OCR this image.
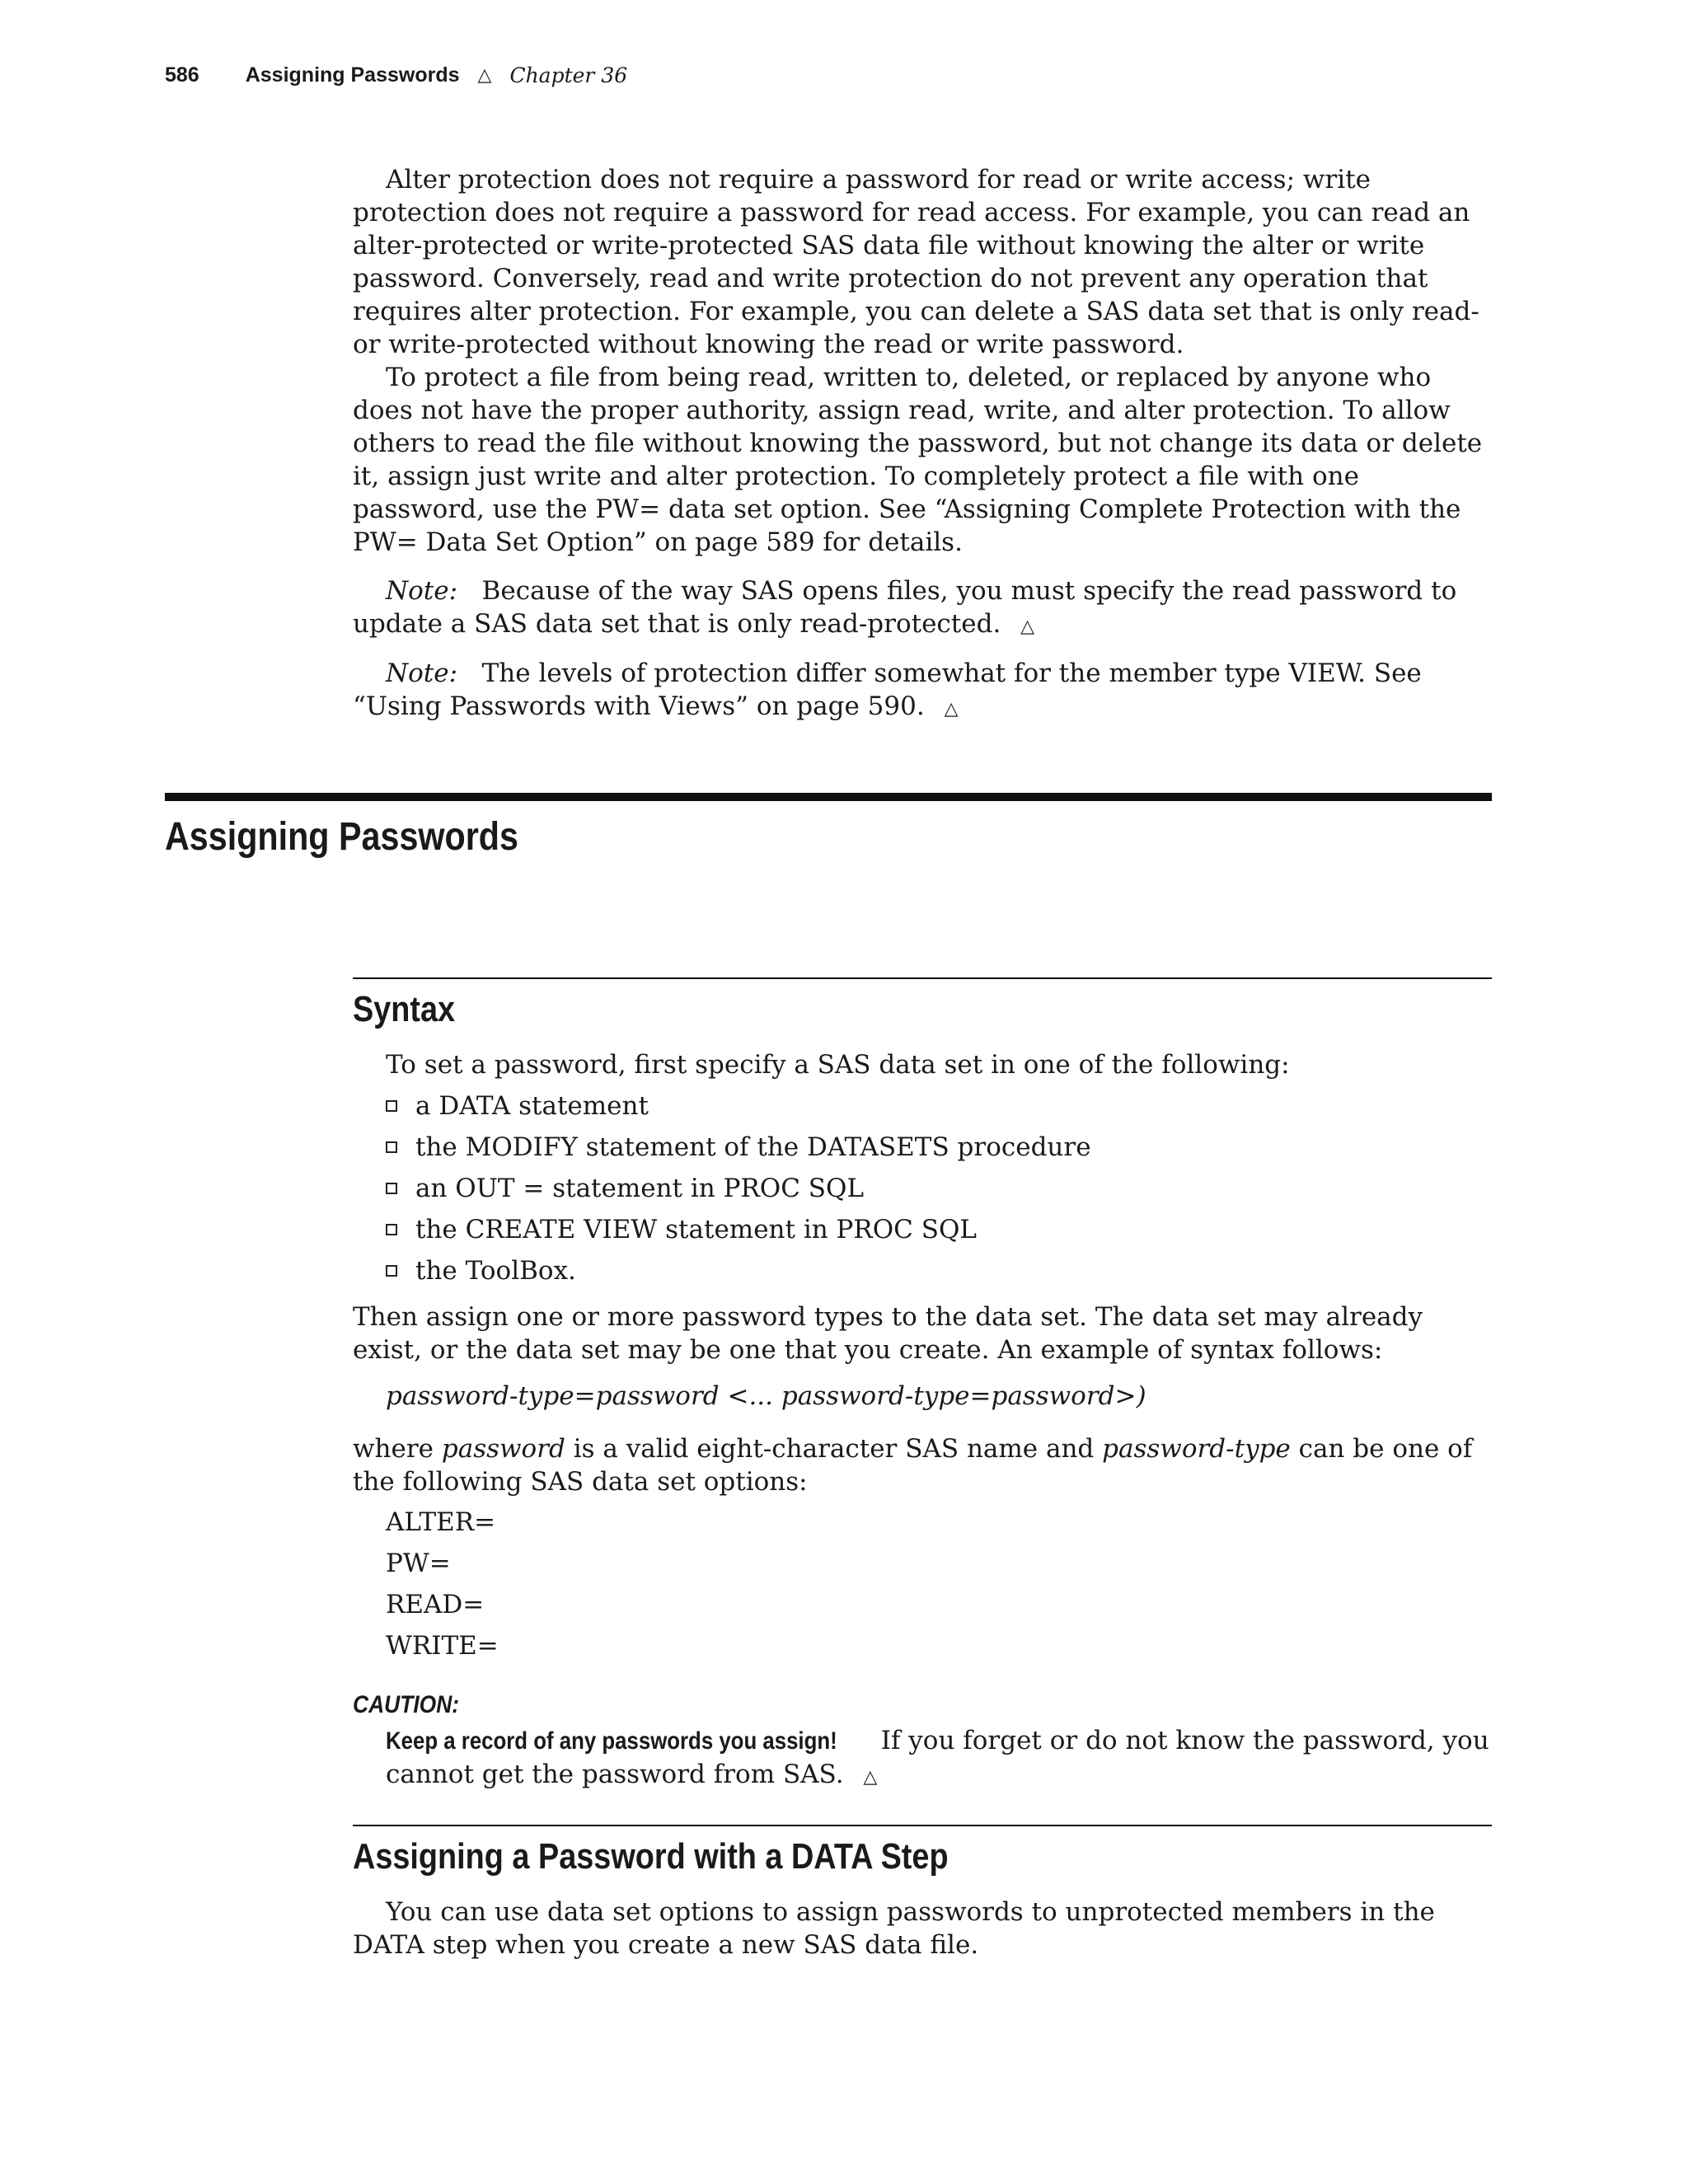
586 Assigning Passwords △ Chapter 36

Alter protection does not require a password for read or write access; write protection does not require a password for read access. For example, you can read an alter-protected or write-protected SAS data file without knowing the alter or write password. Conversely, read and write protection do not prevent any operation that requires alter protection. For example, you can delete a SAS data set that is only read- or write-protected without knowing the read or write password.

To protect a file from being read, written to, deleted, or replaced by anyone who does not have the proper authority, assign read, write, and alter protection. To allow others to read the file without knowing the password, but not change its data or delete it, assign just write and alter protection. To completely protect a file with one password, use the PW= data set option. See “Assigning Complete Protection with the PW= Data Set Option” on page 589 for details.

Note: Because of the way SAS opens files, you must specify the read password to update a SAS data set that is only read-protected. △

Note: The levels of protection differ somewhat for the member type VIEW. See “Using Passwords with Views” on page 590. △

Assigning Passwords
Syntax

To set a password, first specify a SAS data set in one of the following:

a DATA statement
the MODIFY statement of the DATASETS procedure
an OUT = statement in PROC SQL
the CREATE VIEW statement in PROC SQL
the ToolBox.

Then assign one or more password types to the data set. The data set may already exist, or the data set may be one that you create. An example of syntax follows:

password-type=password <... password-type=password>)

where password is a valid eight-character SAS name and password-type can be one of the following SAS data set options:

ALTER=
PW=
READ=
WRITE=
CAUTION:
Keep a record of any passwords you assign! If you forget or do not know the password, you cannot get the password from SAS. △
Assigning a Password with a DATA Step

You can use data set options to assign passwords to unprotected members in the DATA step when you create a new SAS data file.
